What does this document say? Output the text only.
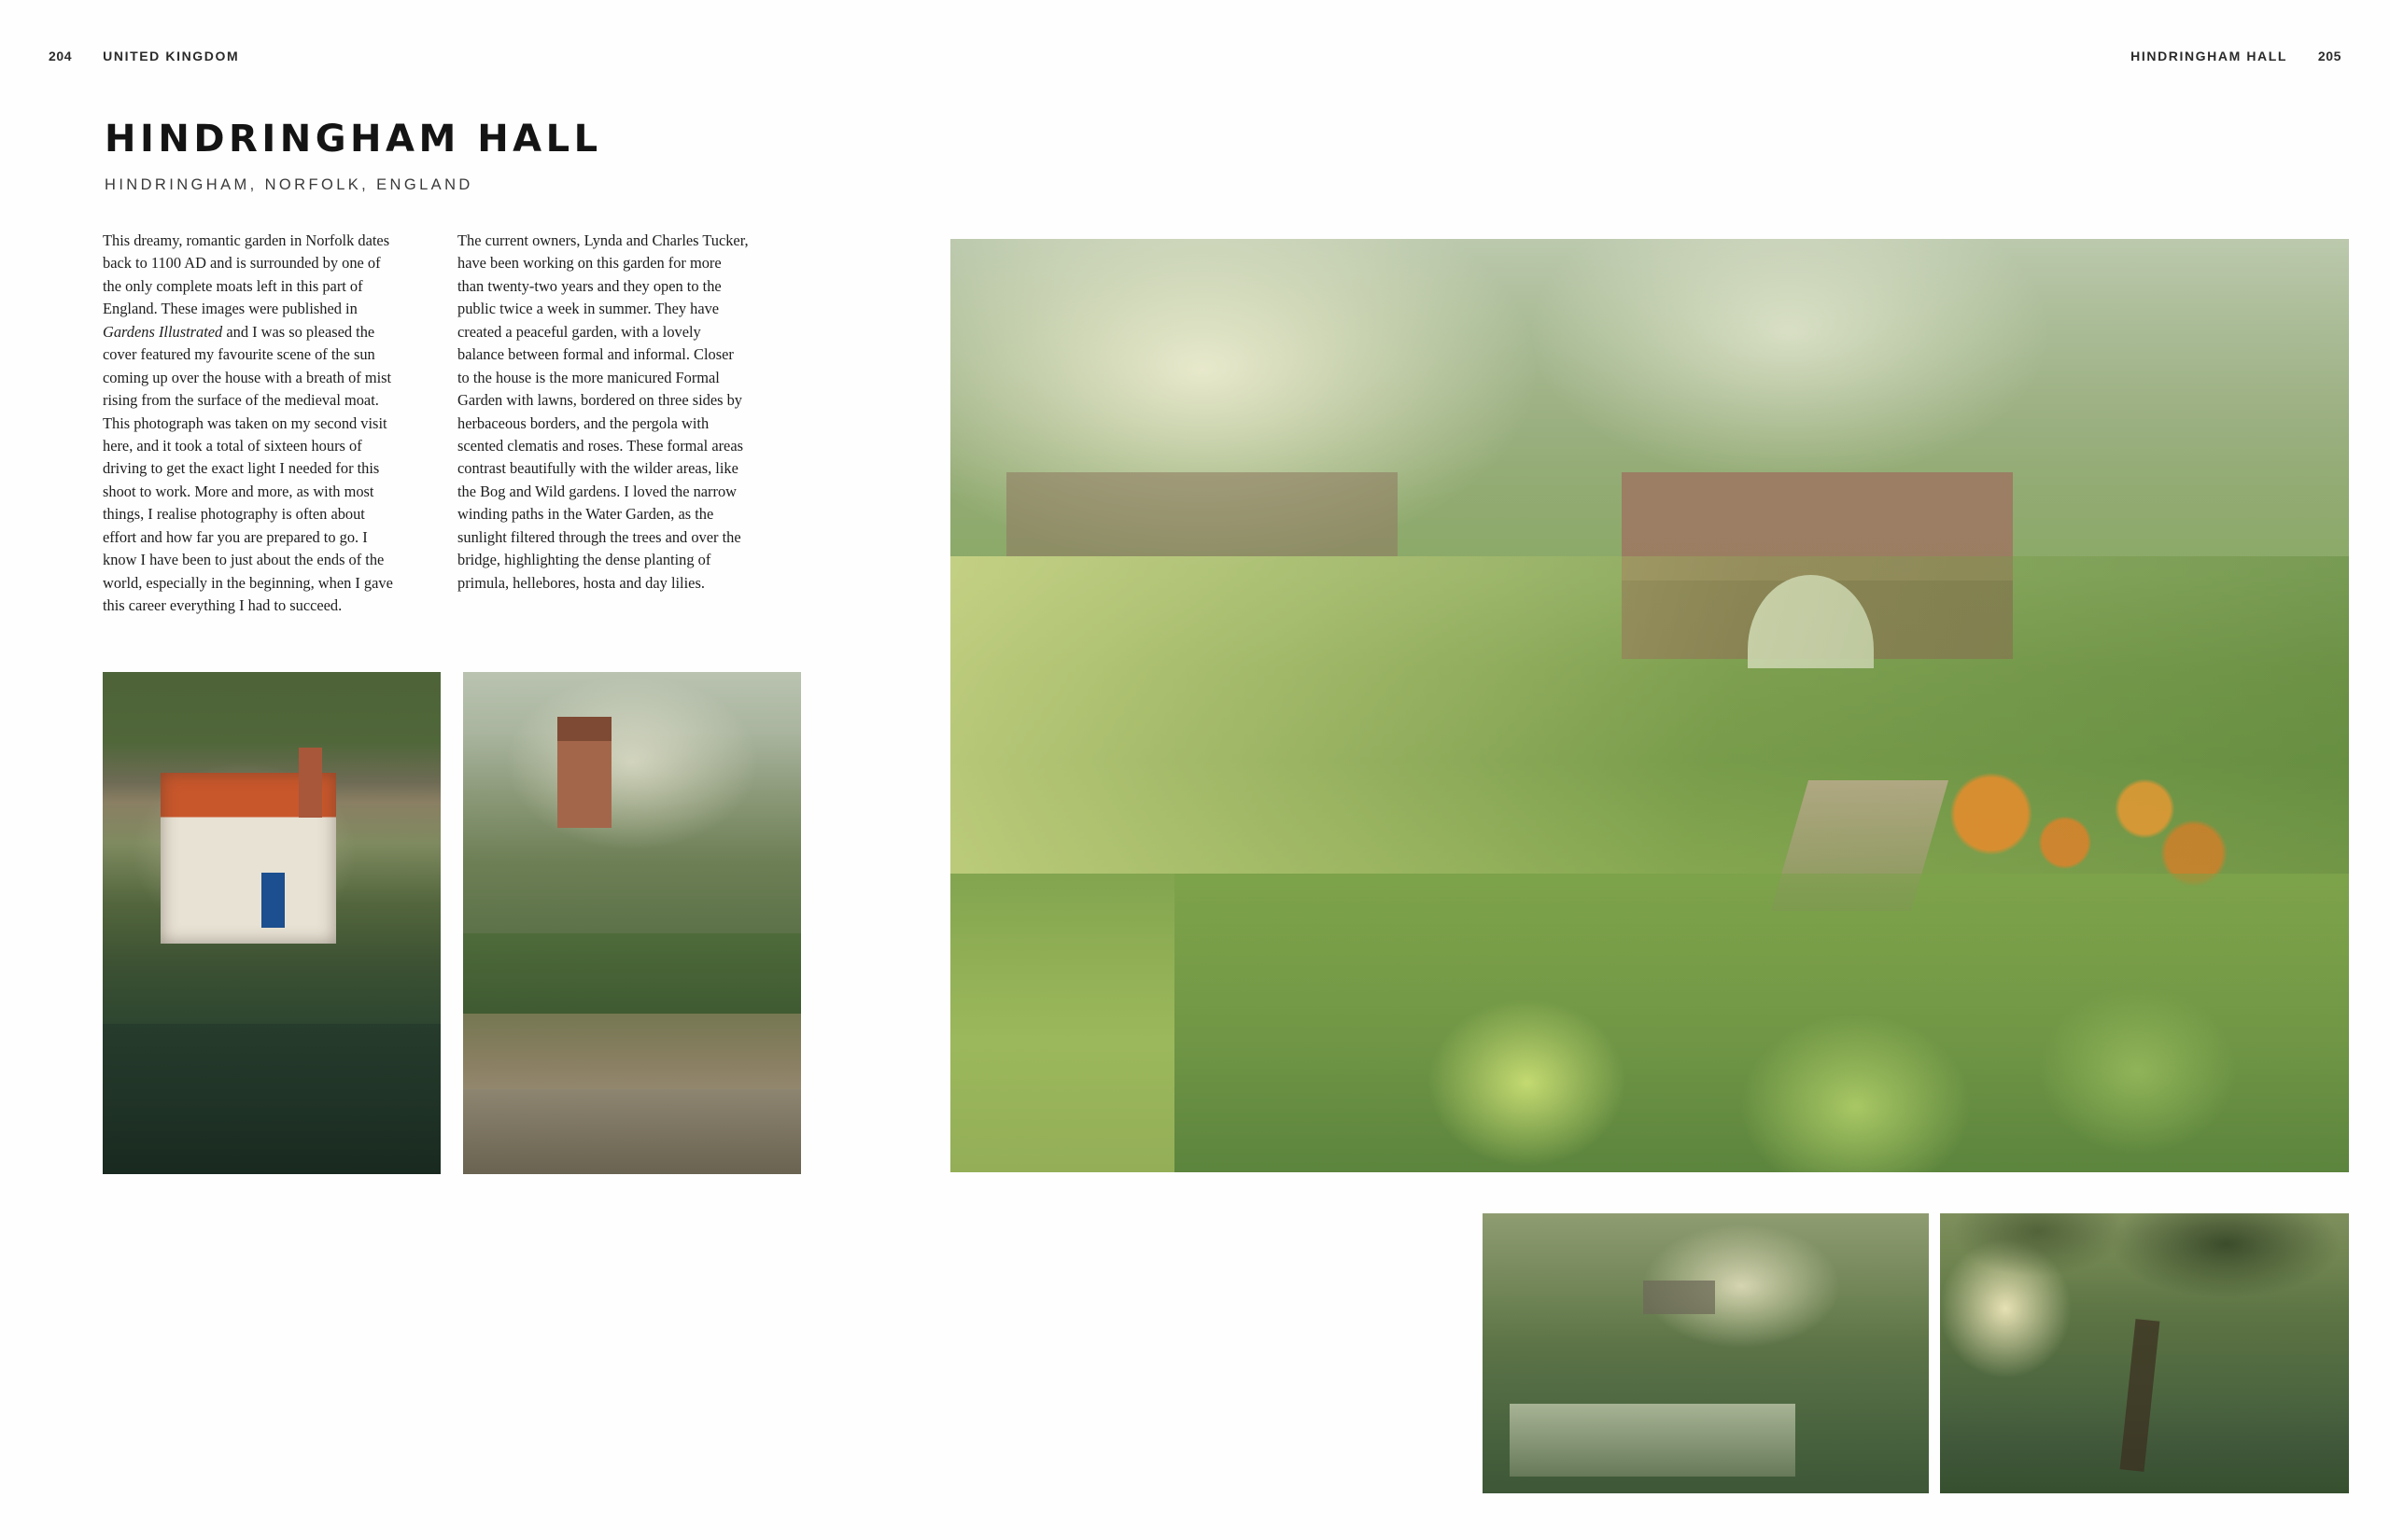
204 UNITED KINGDOM	HINDRINGHAM HALL 205
HINDRINGHAM HALL
HINDRINGHAM, NORFOLK, ENGLAND

This dreamy, romantic garden in Norfolk dates back to 1100 AD and is surrounded by one of the only complete moats left in this part of England. These images were published in Gardens Illustrated and I was so pleased the cover featured my favourite scene of the sun coming up over the house with a breath of mist rising from the surface of the medieval moat. This photograph was taken on my second visit here, and it took a total of sixteen hours of driving to get the exact light I needed for this shoot to work. More and more, as with most things, I realise photography is often about effort and how far you are prepared to go. I know I have been to just about the ends of the world, especially in the beginning, when I gave this career everything I had to succeed.

The current owners, Lynda and Charles Tucker, have been working on this garden for more than twenty-two years and they open to the public twice a week in summer. They have created a peaceful garden, with a lovely balance between formal and informal. Closer to the house is the more manicured Formal Garden with lawns, bordered on three sides by herbaceous borders, and the pergola with scented clematis and roses. These formal areas contrast beautifully with the wilder areas, like the Bog and Wild gardens. I loved the narrow winding paths in the Water Garden, as the sunlight filtered through the trees and over the bridge, highlighting the dense planting of primula, hellebores, hosta and day lilies.
